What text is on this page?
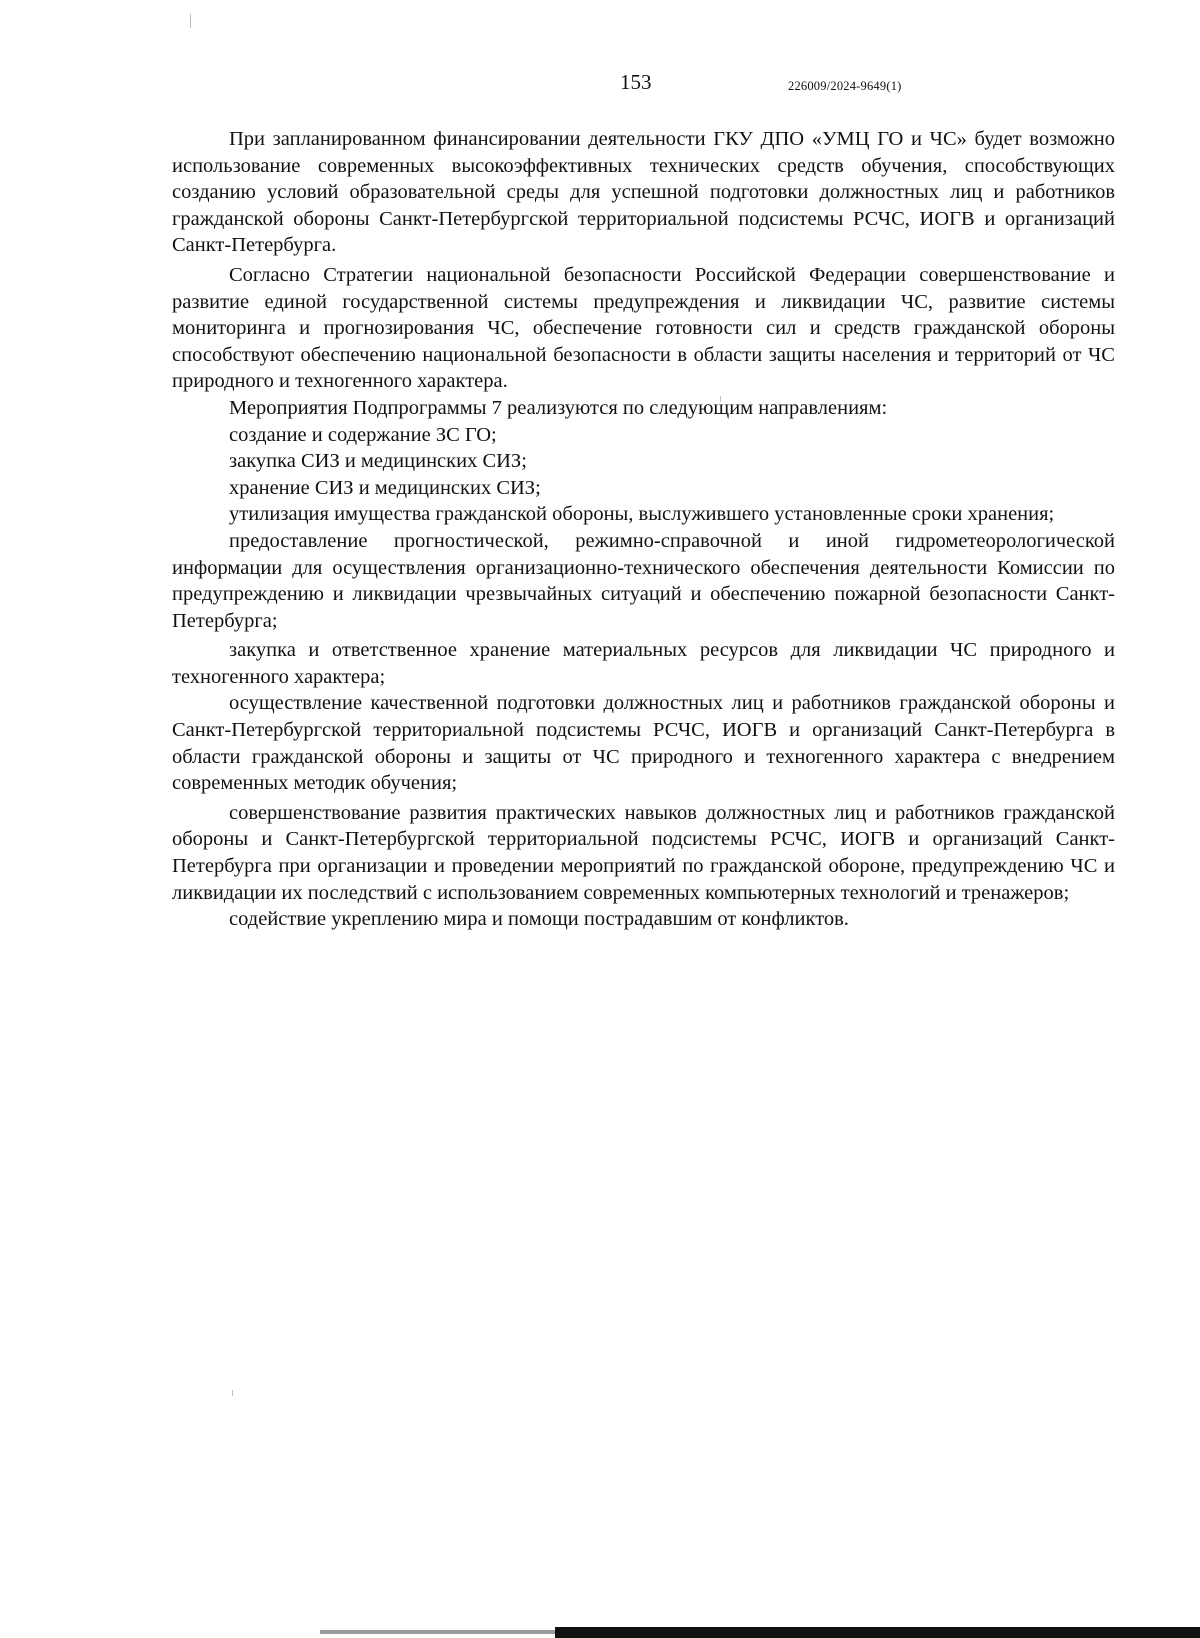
153	226009/2024-9649(1)

При запланированном финансировании деятельности ГКУ ДПО «УМЦ ГО и ЧС» будет возможно использование современных высокоэффективных технических средств обучения, способствующих созданию условий образовательной среды для успешной подготовки должностных лиц и работников гражданской обороны Санкт-Петербургской территориальной подсистемы РСЧС, ИОГВ и организаций Санкт-Петербурга.

Согласно Стратегии национальной безопасности Российской Федерации совершенствование и развитие единой государственной системы предупреждения и ликвидации ЧС, развитие системы мониторинга и прогнозирования ЧС, обеспечение готовности сил и средств гражданской обороны способствуют обеспечению национальной безопасности в области защиты населения и территорий от ЧС природного и техногенного характера.

Мероприятия Подпрограммы 7 реализуются по следующим направлениям:

создание и содержание ЗС ГО;

закупка СИЗ и медицинских СИЗ;

хранение СИЗ и медицинских СИЗ;

утилизация имущества гражданской обороны, выслужившего установленные сроки хранения;

предоставление прогностической, режимно-справочной и иной гидрометеорологической информации для осуществления организационно-технического обеспечения деятельности Комиссии по предупреждению и ликвидации чрезвычайных ситуаций и обеспечению пожарной безопасности Санкт-Петербурга;

закупка и ответственное хранение материальных ресурсов для ликвидации ЧС природного и техногенного характера;

осуществление качественной подготовки должностных лиц и работников гражданской обороны и Санкт-Петербургской территориальной подсистемы РСЧС, ИОГВ и организаций Санкт-Петербурга в области гражданской обороны и защиты от ЧС природного и техногенного характера с внедрением современных методик обучения;

совершенствование развития практических навыков должностных лиц и работников гражданской обороны и Санкт-Петербургской территориальной подсистемы РСЧС, ИОГВ и организаций Санкт-Петербурга при организации и проведении мероприятий по гражданской обороне, предупреждению ЧС и ликвидации их последствий с использованием современных компьютерных технологий и тренажеров;

содействие укреплению мира и помощи пострадавшим от конфликтов.
